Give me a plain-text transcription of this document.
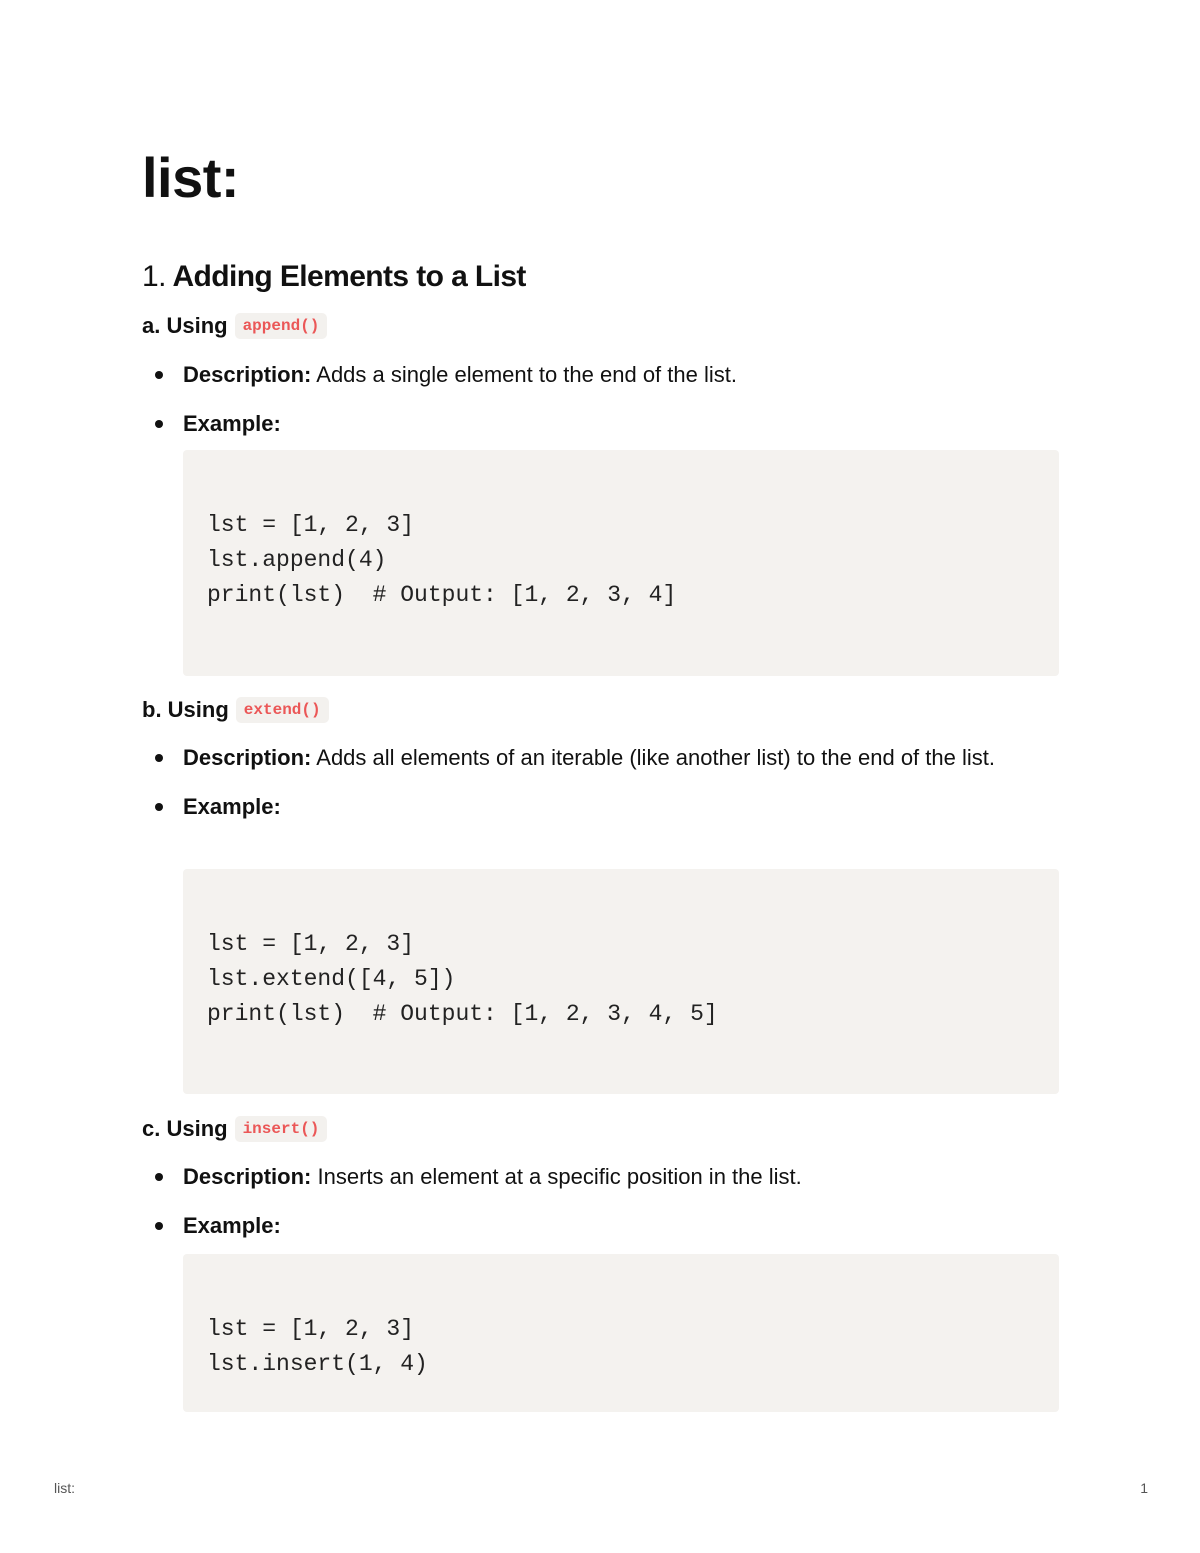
list:
1. Adding Elements to a List
a. Using append()
Description: Adds a single element to the end of the list.
Example:
lst = [1, 2, 3]
lst.append(4)
print(lst)  # Output: [1, 2, 3, 4]
b. Using extend()
Description: Adds all elements of an iterable (like another list) to the end of the list.
Example:
lst = [1, 2, 3]
lst.extend([4, 5])
print(lst)  # Output: [1, 2, 3, 4, 5]
c. Using insert()
Description: Inserts an element at a specific position in the list.
Example:
lst = [1, 2, 3]
lst.insert(1, 4)
list:	1
